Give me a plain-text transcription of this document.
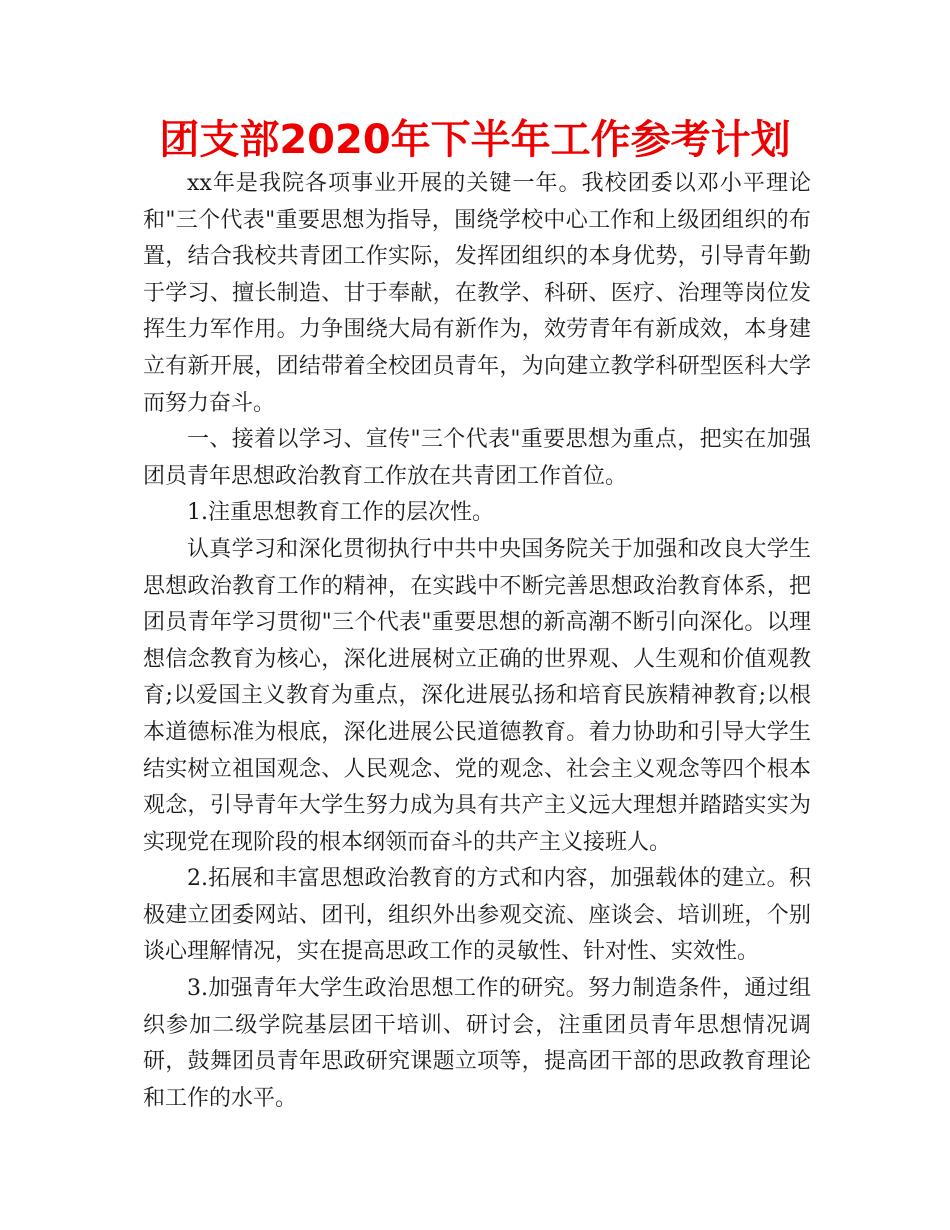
团支部2020年下半年工作参考计划

xx年是我院各项事业开展的关键一年。我校团委以邓小平理论和"三个代表"重要思想为指导，围绕学校中心工作和上级团组织的布置，结合我校共青团工作实际，发挥团组织的本身优势，引导青年勤于学习、擅长制造、甘于奉献，在教学、科研、医疗、治理等岗位发挥生力军作用。力争围绕大局有新作为，效劳青年有新成效，本身建立有新开展，团结带着全校团员青年，为向建立教学科研型医科大学而努力奋斗。

一、接着以学习、宣传"三个代表"重要思想为重点，把实在加强团员青年思想政治教育工作放在共青团工作首位。

1.注重思想教育工作的层次性。

认真学习和深化贯彻执行中共中央国务院关于加强和改良大学生思想政治教育工作的精神，在实践中不断完善思想政治教育体系，把团员青年学习贯彻"三个代表"重要思想的新高潮不断引向深化。以理想信念教育为核心，深化进展树立正确的世界观、人生观和价值观教育;以爱国主义教育为重点，深化进展弘扬和培育民族精神教育;以根本道德标准为根底，深化进展公民道德教育。着力协助和引导大学生结实树立祖国观念、人民观念、党的观念、社会主义观念等四个根本观念，引导青年大学生努力成为具有共产主义远大理想并踏踏实实为实现党在现阶段的根本纲领而奋斗的共产主义接班人。

2.拓展和丰富思想政治教育的方式和内容，加强载体的建立。积极建立团委网站、团刊，组织外出参观交流、座谈会、培训班，个别谈心理解情况，实在提高思政工作的灵敏性、针对性、实效性。

3.加强青年大学生政治思想工作的研究。努力制造条件，通过组织参加二级学院基层团干培训、研讨会，注重团员青年思想情况调研，鼓舞团员青年思政研究课题立项等，提高团干部的思政教育理论和工作的水平。
